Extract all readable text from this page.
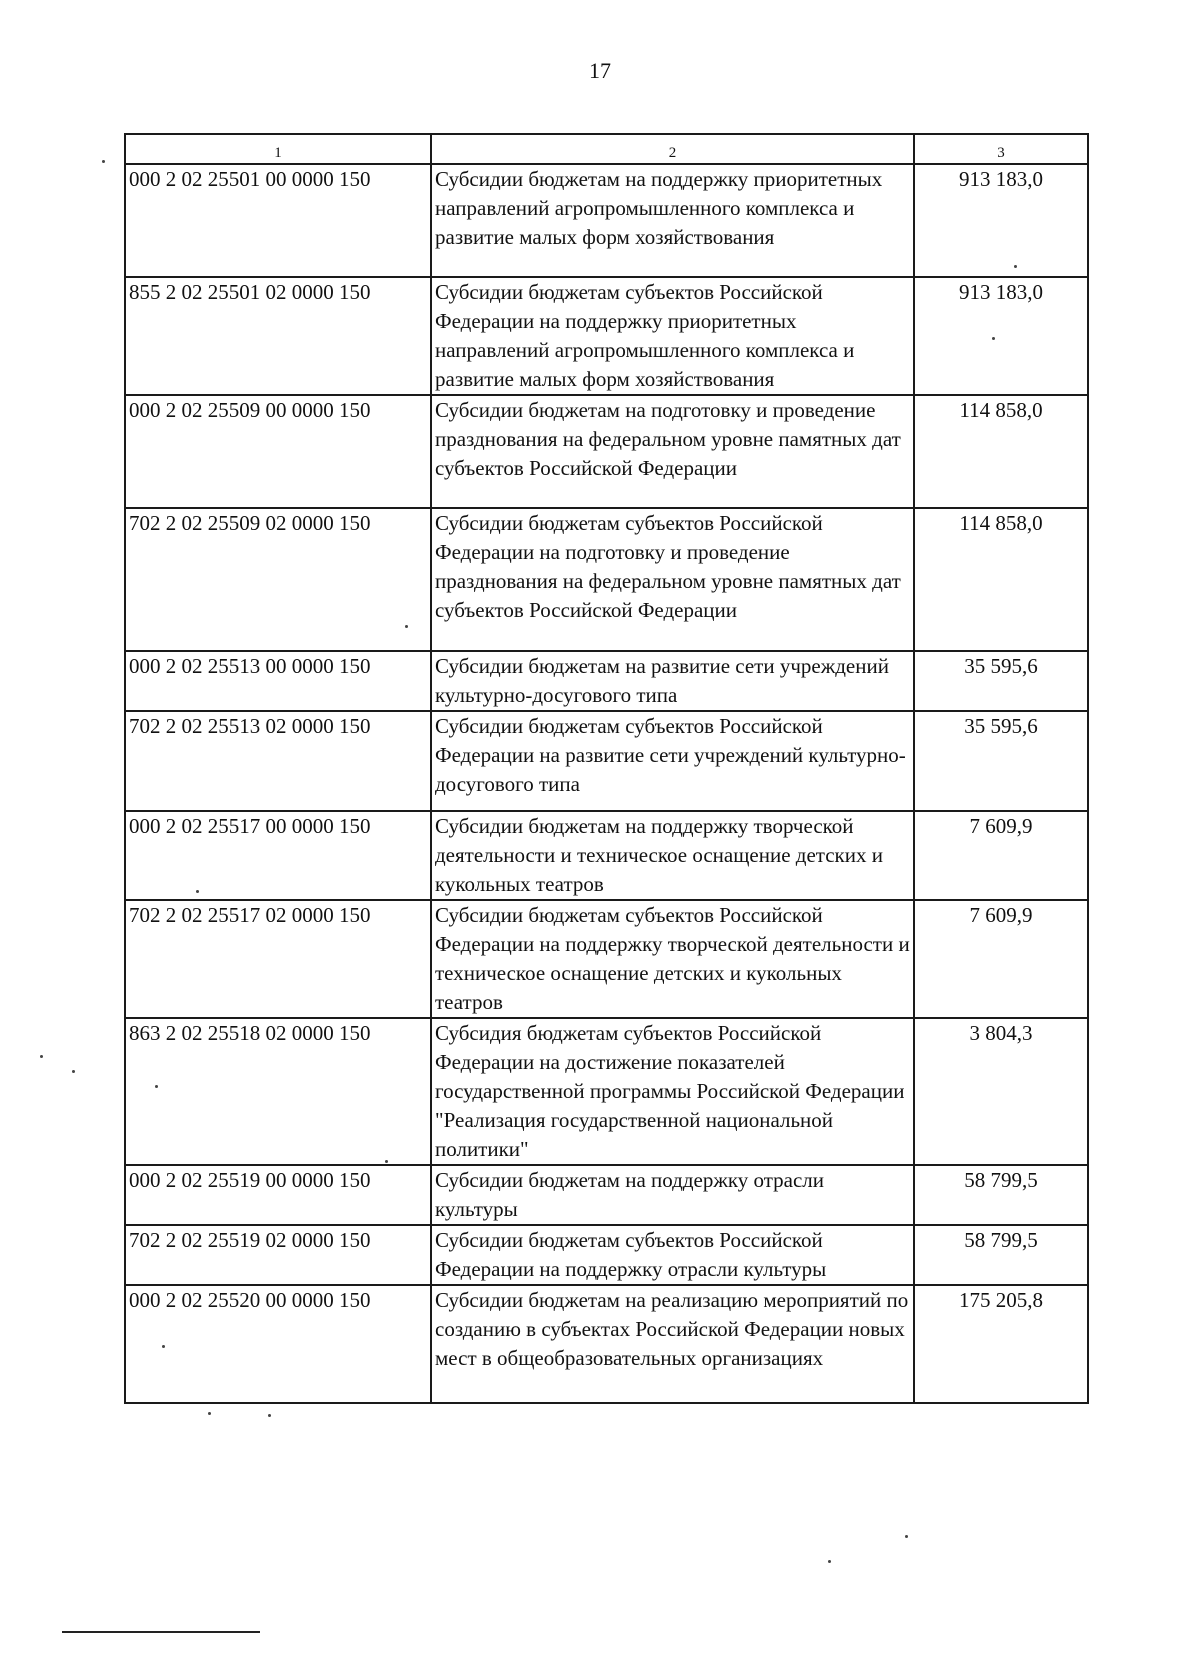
17
1	2	3
000 2 02 25501 00 0000 150	Субсидии бюджетам на поддержку приоритетных направлений агропромышленного комплекса и развитие малых форм хозяйствования	913 183,0
855 2 02 25501 02 0000 150	Субсидии бюджетам субъектов Российской Федерации на поддержку приоритетных направлений агропромышленного комплекса и развитие малых форм хозяйствования	913 183,0
000 2 02 25509 00 0000 150	Субсидии бюджетам на подготовку и проведение празднования на федеральном уровне памятных дат субъектов Российской Федерации	114 858,0
702 2 02 25509 02 0000 150	Субсидии бюджетам субъектов Российской Федерации на подготовку и проведение празднования на федеральном уровне памятных дат субъектов Российской Федерации	114 858,0
000 2 02 25513 00 0000 150	Субсидии бюджетам на развитие сети учреждений культурно-досугового типа	35 595,6
702 2 02 25513 02 0000 150	Субсидии бюджетам субъектов Российской Федерации на развитие сети учреждений культурно-досугового типа	35 595,6
000 2 02 25517 00 0000 150	Субсидии бюджетам на поддержку творческой деятельности и техническое оснащение детских и кукольных театров	7 609,9
702 2 02 25517 02 0000 150	Субсидии бюджетам субъектов Российской Федерации на поддержку творческой деятельности и техническое оснащение детских и кукольных театров	7 609,9
863 2 02 25518 02 0000 150	Субсидия бюджетам субъектов Российской Федерации на достижение показателей государственной программы Российской Федерации "Реализация государственной национальной политики"	3 804,3
000 2 02 25519 00 0000 150	Субсидии бюджетам на поддержку отрасли культуры	58 799,5
702 2 02 25519 02 0000 150	Субсидии бюджетам субъектов Российской Федерации на поддержку отрасли культуры	58 799,5
000 2 02 25520 00 0000 150	Субсидии бюджетам на реализацию мероприятий по созданию в субъектах Российской Федерации новых мест в общеобразовательных организациях	175 205,8
